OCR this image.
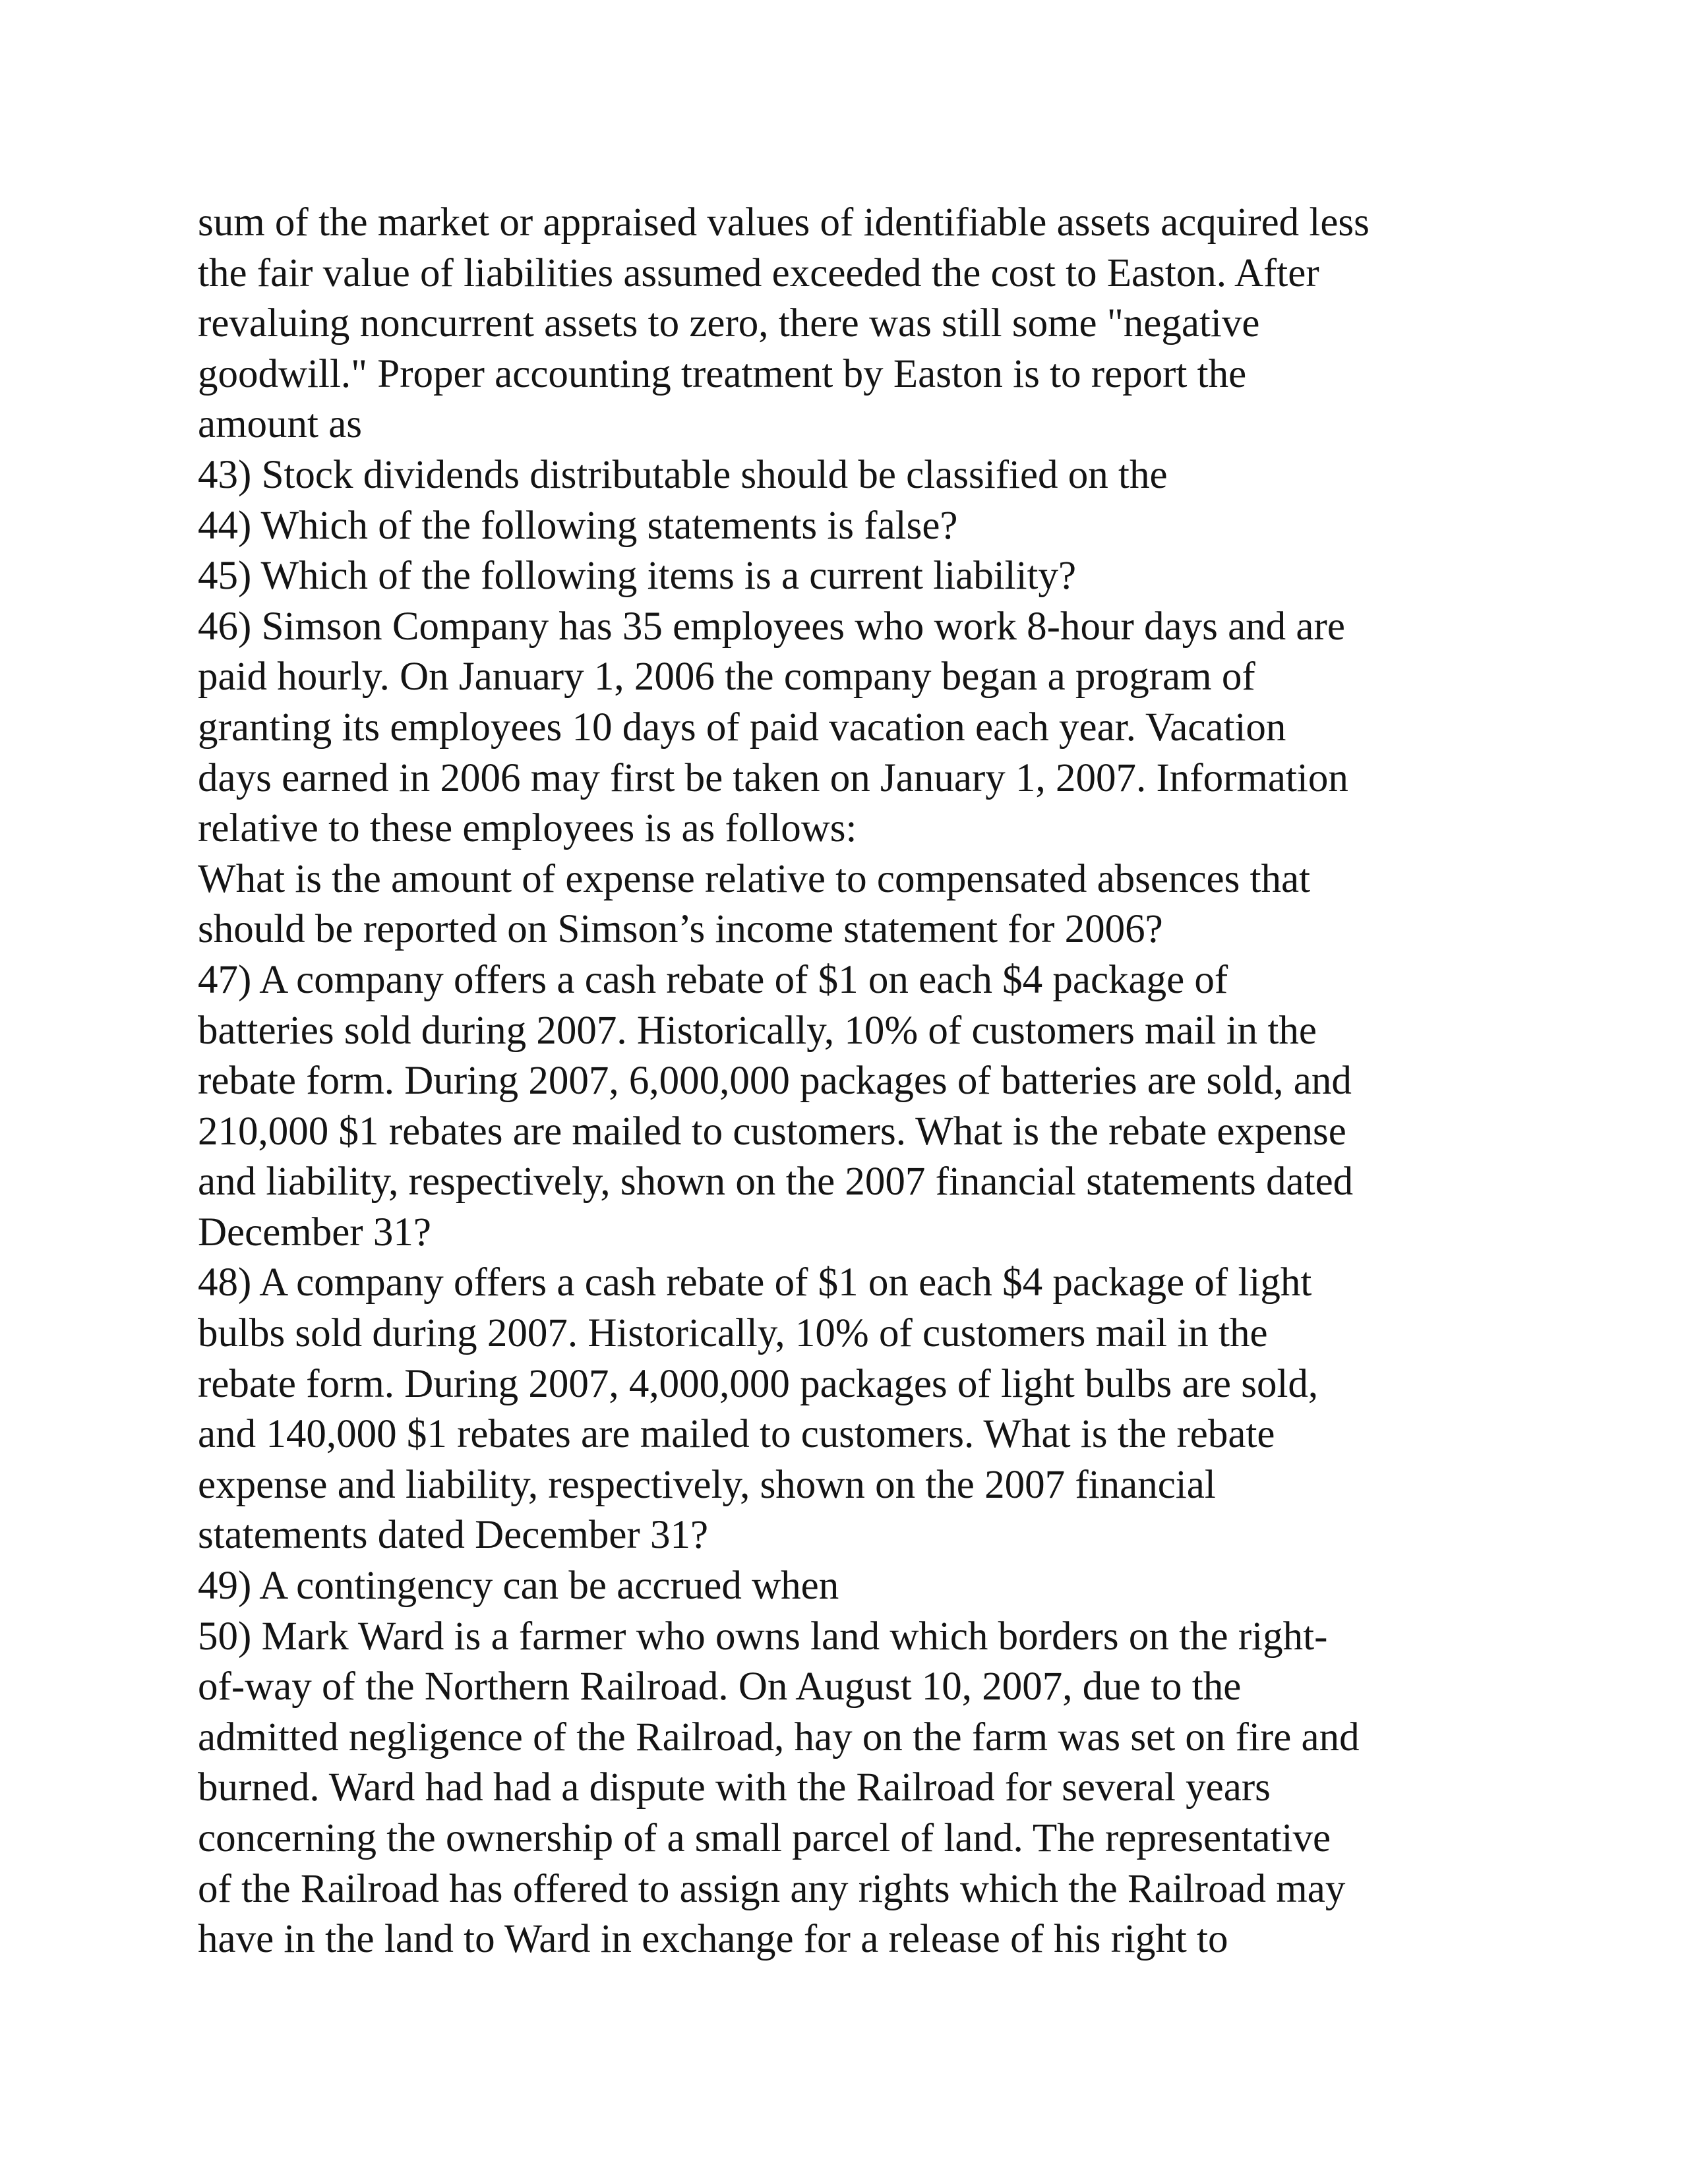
sum of the market or appraised values of identifiable assets acquired less
the fair value of liabilities assumed exceeded the cost to Easton. After
revaluing noncurrent assets to zero, there was still some "negative
goodwill." Proper accounting treatment by Easton is to report the
amount as
43) Stock dividends distributable should be classified on the
44) Which of the following statements is false?
45) Which of the following items is a current liability?
46) Simson Company has 35 employees who work 8-hour days and are
paid hourly. On January 1, 2006 the company began a program of
granting its employees 10 days of paid vacation each year. Vacation
days earned in 2006 may first be taken on January 1, 2007. Information
relative to these employees is as follows:
What is the amount of expense relative to compensated absences that
should be reported on Simson’s income statement for 2006?
47) A company offers a cash rebate of $1 on each $4 package of
batteries sold during 2007. Historically, 10% of customers mail in the
rebate form. During 2007, 6,000,000 packages of batteries are sold, and
210,000 $1 rebates are mailed to customers. What is the rebate expense
and liability, respectively, shown on the 2007 financial statements dated
December 31?
48) A company offers a cash rebate of $1 on each $4 package of light
bulbs sold during 2007. Historically, 10% of customers mail in the
rebate form. During 2007, 4,000,000 packages of light bulbs are sold,
and 140,000 $1 rebates are mailed to customers. What is the rebate
expense and liability, respectively, shown on the 2007 financial
statements dated December 31?
49) A contingency can be accrued when
50) Mark Ward is a farmer who owns land which borders on the right-
of-way of the Northern Railroad. On August 10, 2007, due to the
admitted negligence of the Railroad, hay on the farm was set on fire and
burned. Ward had had a dispute with the Railroad for several years
concerning the ownership of a small parcel of land. The representative
of the Railroad has offered to assign any rights which the Railroad may
have in the land to Ward in exchange for a release of his right to
